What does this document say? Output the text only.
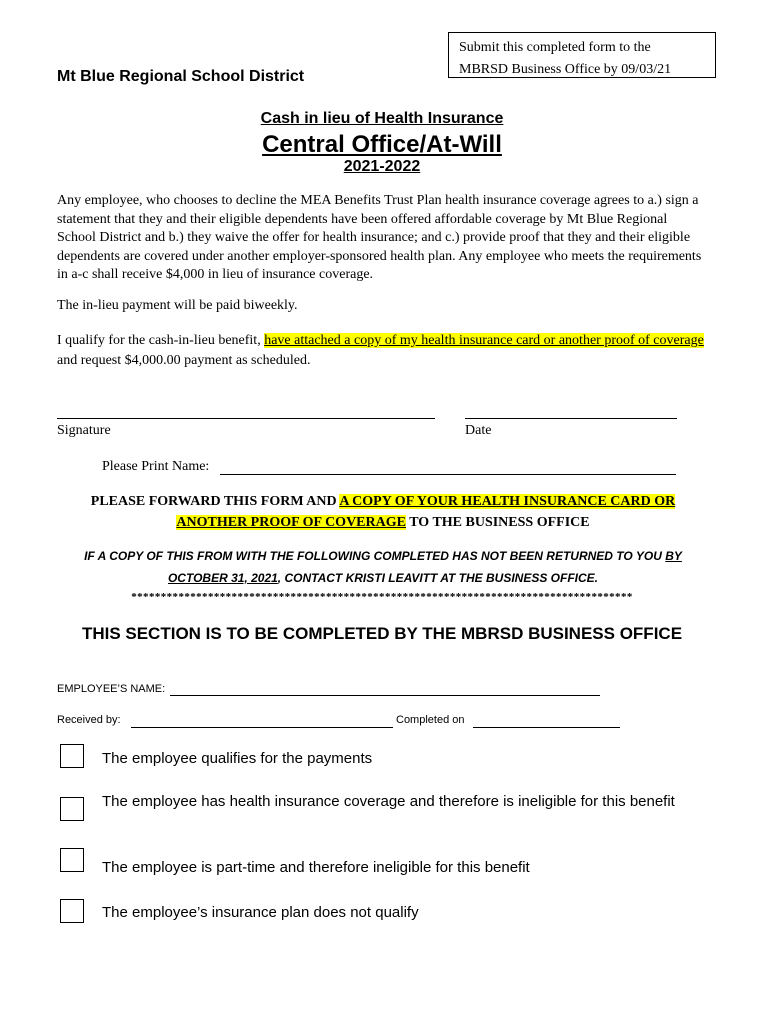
Submit this completed form to the
MBRSD Business Office by 09/03/21
Mt Blue Regional School District
Cash in lieu of Health Insurance
Central Office/At-Will
2021-2022
Any employee, who chooses to decline the MEA Benefits Trust Plan health insurance coverage agrees to a.) sign a statement that they and their eligible dependents have been offered affordable coverage by Mt Blue Regional School District and b.) they waive the offer for health insurance; and c.) provide proof that they and their eligible dependents are covered under another employer-sponsored health plan. Any employee who meets the requirements in a-c shall receive $4,000 in lieu of insurance coverage.
The in-lieu payment will be paid biweekly.
I qualify for the cash-in-lieu benefit, have attached a copy of my health insurance card or another proof of coverage and request $4,000.00 payment as scheduled.
Signature	Date
Please Print Name:
PLEASE FORWARD THIS FORM AND A COPY OF YOUR HEALTH INSURANCE CARD OR ANOTHER PROOF OF COVERAGE TO THE BUSINESS OFFICE
IF A COPY OF THIS FROM WITH THE FOLLOWING COMPLETED HAS NOT BEEN RETURNED TO YOU BY OCTOBER 31, 2021, CONTACT KRISTI LEAVITT AT THE BUSINESS OFFICE.
*************************************************************************************
THIS SECTION IS TO BE COMPLETED BY THE MBRSD BUSINESS OFFICE
EMPLOYEE’S NAME:
Received by:	Completed on
The employee qualifies for the payments
The employee has health insurance coverage and therefore is ineligible for this benefit
The employee is part-time and therefore ineligible for this benefit
The employee’s insurance plan does not qualify
